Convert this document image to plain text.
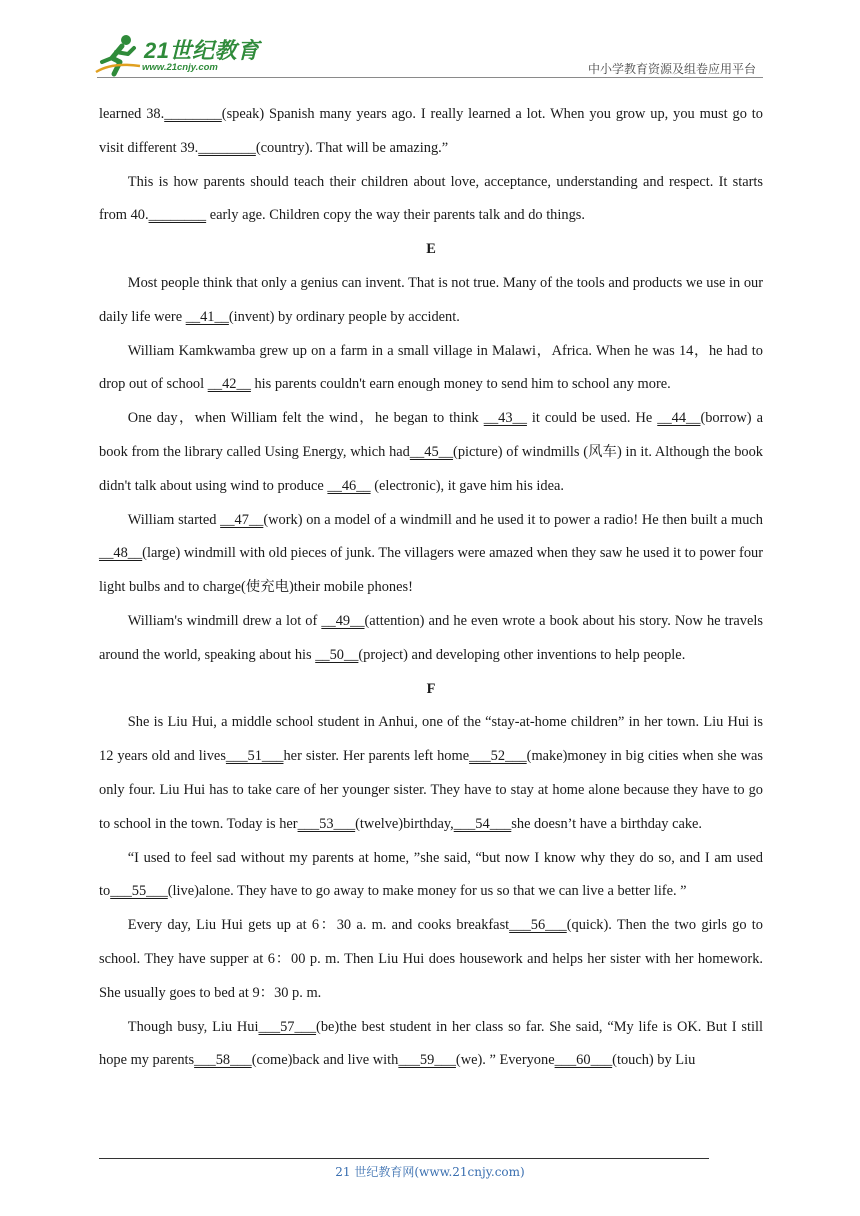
21世纪教育
www.21cnjy.com	中小学教育资源及组卷应用平台

learned 38.________(speak) Spanish many years ago. I really learned a lot. When you grow up, you must go to visit different 39.________(country). That will be amazing.”

This is how parents should teach their children about love, acceptance, understanding and respect. It starts from 40.________ early age. Children copy the way their parents talk and do things.

E

Most people think that only a genius can invent. That is not true. Many of the tools and products we use in our daily life were __41__(invent) by ordinary people by accident.

William Kamkwamba grew up on a farm in a small village in Malawi，Africa. When he was 14，he had to drop out of school __42__ his parents couldn't earn enough money to send him to school any more.

One day，when William felt the wind，he began to think __43__ it could be used. He __44__(borrow) a book from the library called Using Energy, which had__45__(picture) of windmills (风车) in it. Although the book didn't talk about using wind to produce __46__ (electronic), it gave him his idea.

William started __47__(work) on a model of a windmill and he used it to power a radio! He then built a much __48__(large) windmill with old pieces of junk. The villagers were amazed when they saw he used it to power four light bulbs and to charge(使充电)their mobile phones!

William's windmill drew a lot of __49__(attention) and he even wrote a book about his story. Now he travels around the world, speaking about his __50__(project) and developing other inventions to help people.

F

She is Liu Hui, a middle school student in Anhui, one of the “stay-at-home children” in her town. Liu Hui is 12 years old and lives___51___her sister. Her parents left home___52___(make)money in big cities when she was only four. Liu Hui has to take care of her younger sister. They have to stay at home alone because they have to go to school in the town. Today is her___53___(twelve)birthday,___54___she doesn’t have a birthday cake.

“I used to feel sad without my parents at home, ”she said, “but now I know why they do so, and I am used to___55___(live)alone. They have to go away to make money for us so that we can live a better life. ”

Every day, Liu Hui gets up at 6：30 a. m. and cooks breakfast___56___(quick). Then the two girls go to school. They have supper at 6：00 p. m. Then Liu Hui does housework and helps her sister with her homework. She usually goes to bed at 9：30 p. m.

Though busy, Liu Hui___57___(be)the best student in her class so far. She said, “My life is OK. But I still hope my parents___58___(come)back and live with___59___(we). ” Everyone___60___(touch) by Liu

21 世纪教育网(www.21cnjy.com)
